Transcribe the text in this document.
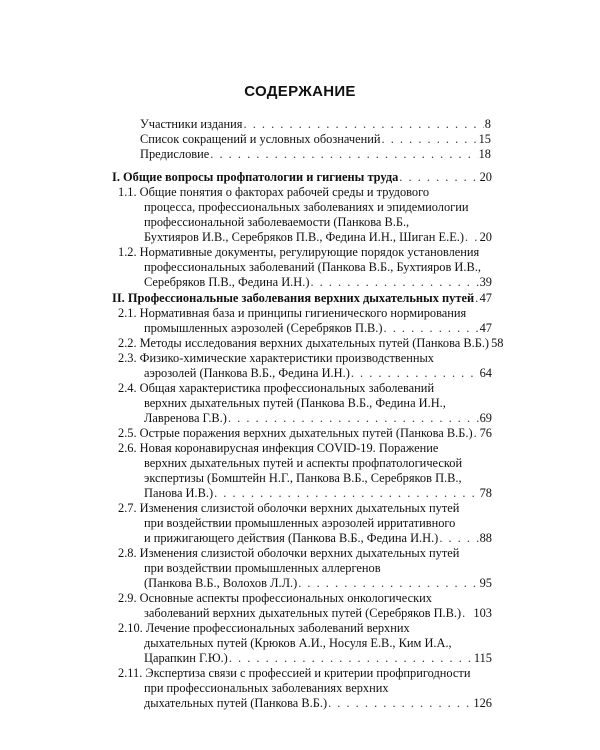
СОДЕРЖАНИЕ
Участники издания . . .	8
Список сокращений и условных обозначений . . .	15
Предисловие . . .	18
I. Общие вопросы профпатологии и гигиены труда . . .	20
1.1. Общие понятия о факторах рабочей среды и трудового
процесса, профессиональных заболеваниях и эпидемиологии
профессиональной заболеваемости (Панкова В.Б.,
Бухтияров И.В., Серебряков П.В., Федина И.Н., Шиган Е.Е.) . . . 20
1.2. Нормативные документы, регулирующие порядок установления
профессиональных заболеваний (Панкова В.Б., Бухтияров И.В.,
Серебряков П.В., Федина И.Н.) . . .	39
II. Профессиональные заболевания верхних дыхательных путей . . . 47
2.1. Нормативная база и принципы гигиенического нормирования
промышленных аэрозолей (Серебряков П.В.) . . .	47
2.2. Методы исследования верхних дыхательных путей (Панкова В.Б.) 58
2.3. Физико-химические характеристики производственных
аэрозолей (Панкова В.Б., Федина И.Н.) . . .	64
2.4. Общая характеристика профессиональных заболеваний
верхних дыхательных путей (Панкова В.Б., Федина И.Н.,
Лавренова Г.В.) . . .	69
2.5. Острые поражения верхних дыхательных путей (Панкова В.Б.) . . . 76
2.6. Новая коронавирусная инфекция COVID-19. Поражение
верхних дыхательных путей и аспекты профпатологической
экспертизы (Бомштейн Н.Г., Панкова В.Б., Серебряков П.В.,
Панова И.В.) . . .	78
2.7. Изменения слизистой оболочки верхних дыхательных путей
при воздействии промышленных аэрозолей ирритативного
и прижигающего действия (Панкова В.Б., Федина И.Н.) . . .	88
2.8. Изменения слизистой оболочки верхних дыхательных путей
при воздействии промышленных аллергенов
(Панкова В.Б., Волохов Л.Л.) . . .	95
2.9. Основные аспекты профессиональных онкологических
заболеваний верхних дыхательных путей (Серебряков П.В.) . . . 103
2.10. Лечение профессиональных заболеваний верхних
дыхательных путей (Крюков А.И., Носуля Е.В., Ким И.А.,
Царапкин Г.Ю.) . . .	115
2.11. Экспертиза связи с профессией и критерии профпригодности
при профессиональных заболеваниях верхних
дыхательных путей (Панкова В.Б.) . . .	126
